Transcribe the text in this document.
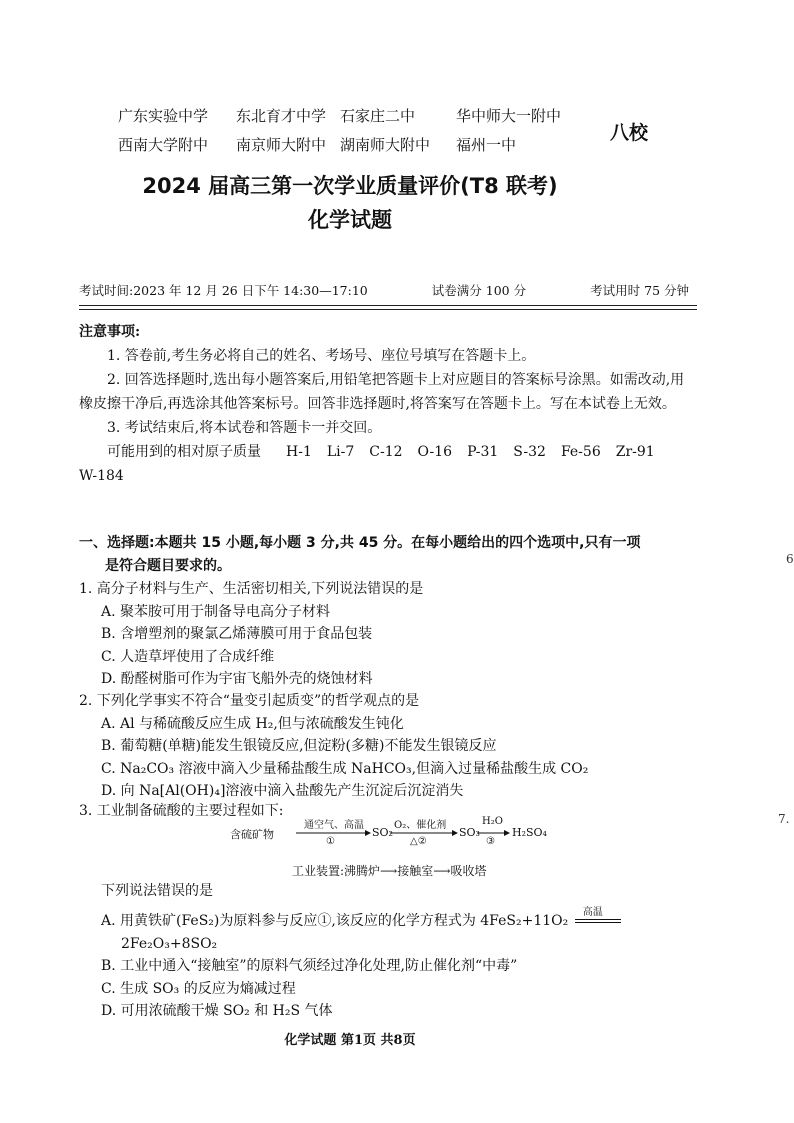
广东实验中学	东北育才中学 石家庄二中	华中师大一附中
西南大学附中	南京师大附中 湖南师大附中	福州一中
八校
2024 届高三第一次学业质量评价(T8 联考)
化学试题
考试时间:2023 年 12 月 26 日下午 14:30—17:10	试卷满分 100 分	考试用时 75 分钟
注意事项:
1. 答卷前,考生务必将自己的姓名、考场号、座位号填写在答题卡上。
2. 回答选择题时,选出每小题答案后,用铅笔把答题卡上对应题目的答案标号涂黑。如需改动,用橡皮擦干净后,再选涂其他答案标号。回答非选择题时,将答案写在答题卡上。写在本试卷上无效。
3. 考试结束后,将本试卷和答题卡一并交回。
可能用到的相对原子质量 H-1 Li-7 C-12 O-16 P-31 S-32 Fe-56 Zr-91
W-184
一、选择题:本题共 15 小题,每小题 3 分,共 45 分。在每小题给出的四个选项中,只有一项
是符合题目要求的。
1. 高分子材料与生产、生活密切相关,下列说法错误的是
A. 聚苯胺可用于制备导电高分子材料
B. 含增塑剂的聚氯乙烯薄膜可用于食品包装
C. 人造草坪使用了合成纤维
D. 酚醛树脂可作为宇宙飞船外壳的烧蚀材料
2. 下列化学事实不符合“量变引起质变”的哲学观点的是
A. Al 与稀硫酸反应生成 H₂,但与浓硫酸发生钝化
B. 葡萄糖(单糖)能发生银镜反应,但淀粉(多糖)不能发生银镜反应
C. Na₂CO₃ 溶液中滴入少量稀盐酸生成 NaHCO₃,但滴入过量稀盐酸生成 CO₂
D. 向 Na[Al(OH)₄]溶液中滴入盐酸先产生沉淀后沉淀消失
3. 工业制备硫酸的主要过程如下:
含硫矿物
通空气、高温
①
SO₂
O₂、催化剂
△②
SO₃
H₂O
③
H₂SO₄
工业装置:沸腾炉⟶接触室⟶吸收塔
下列说法错误的是
A. 用黄铁矿(FeS₂)为原料参与反应①,该反应的化学方程式为 4FeS₂+11O₂
高温
2Fe₂O₃+8SO₂
B. 工业中通入“接触室”的原料气须经过净化处理,防止催化剂“中毒”
C. 生成 SO₃ 的反应为熵减过程
D. 可用浓硫酸干燥 SO₂ 和 H₂S 气体
6
7.
化学试题 第1页 共8页
